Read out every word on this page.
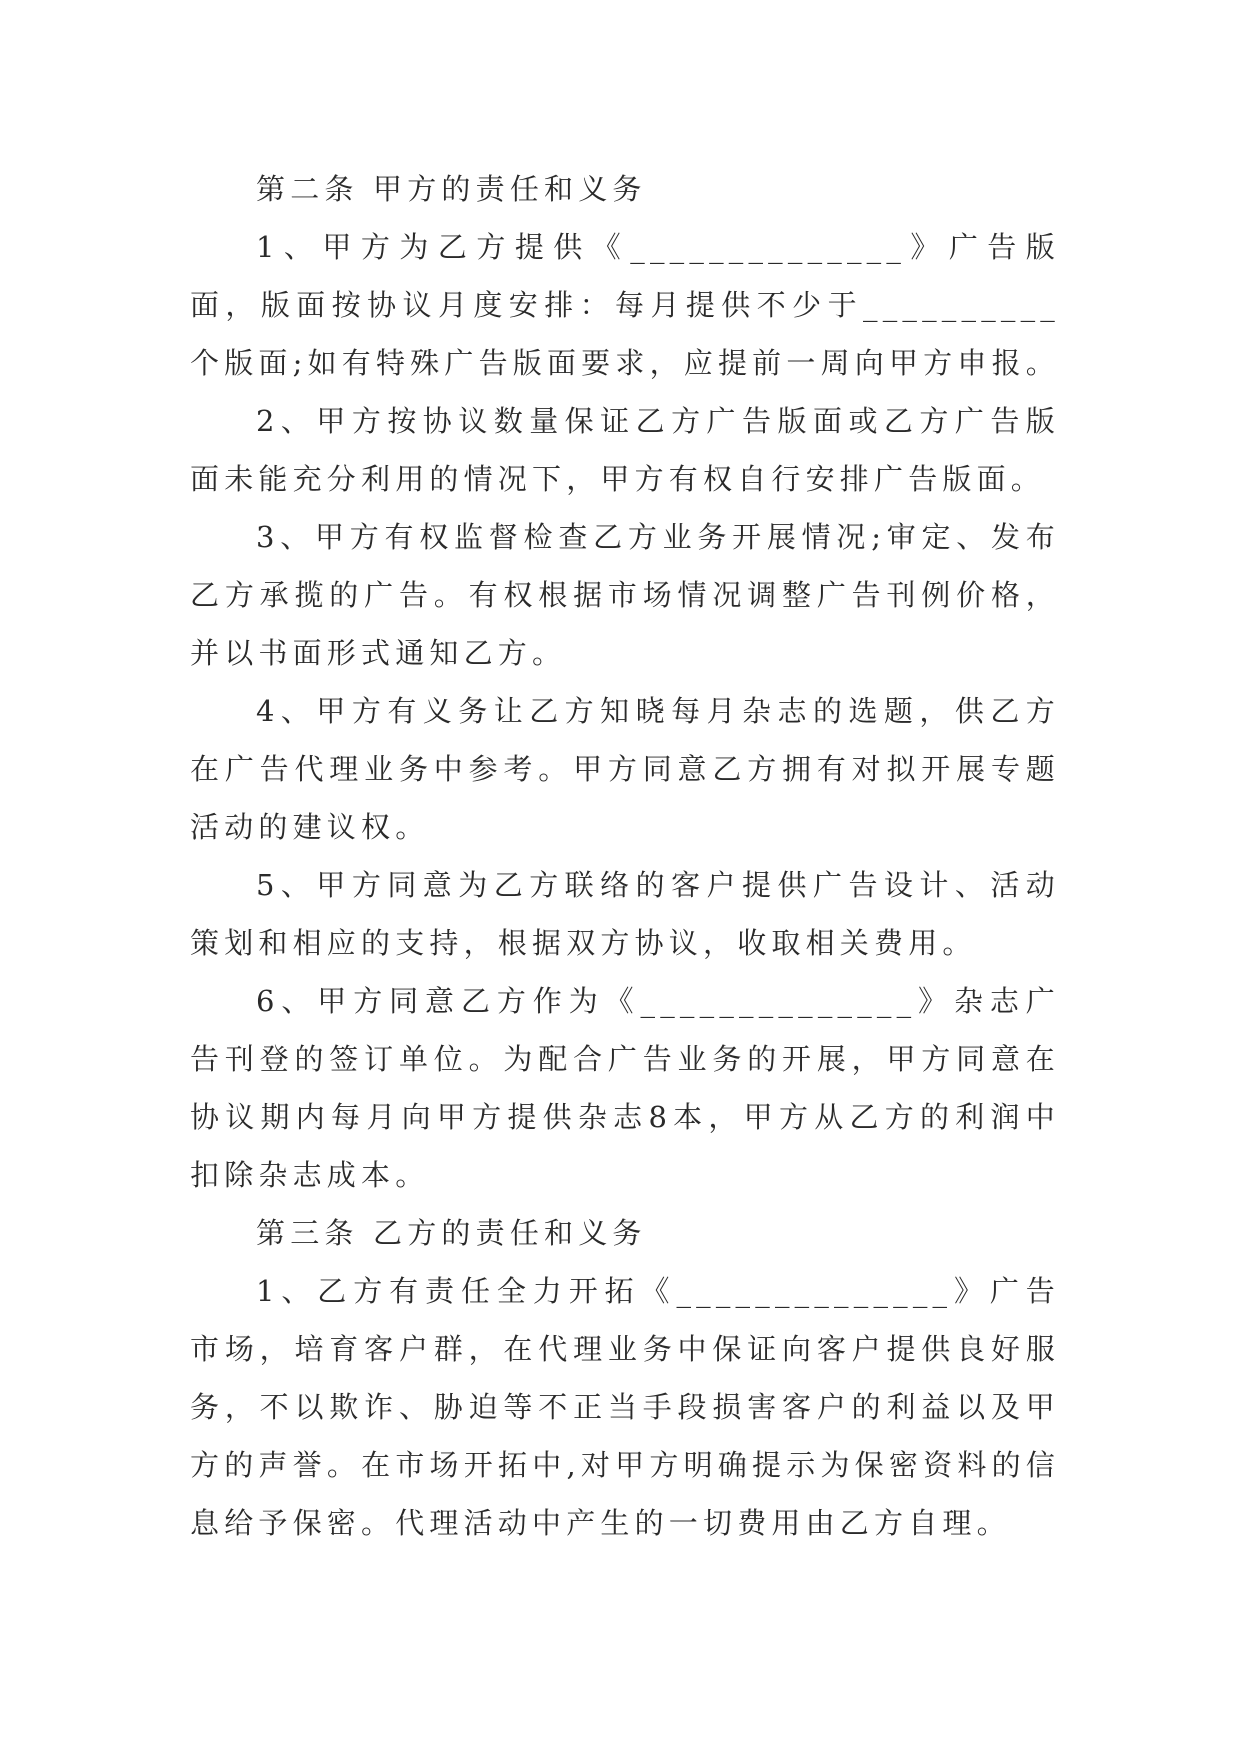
第二条 甲方的责任和义务

1、甲方为乙方提供《______________》广告版面，版面按协议月度安排：每月提供不少于__________个版面;如有特殊广告版面要求，应提前一周向甲方申报。

2、甲方按协议数量保证乙方广告版面或乙方广告版面未能充分利用的情况下，甲方有权自行安排广告版面。

3、甲方有权监督检查乙方业务开展情况;审定、发布乙方承揽的广告。有权根据市场情况调整广告刊例价格，并以书面形式通知乙方。

4、甲方有义务让乙方知晓每月杂志的选题，供乙方在广告代理业务中参考。甲方同意乙方拥有对拟开展专题活动的建议权。

5、甲方同意为乙方联络的客户提供广告设计、活动策划和相应的支持，根据双方协议，收取相关费用。

6、甲方同意乙方作为《______________》杂志广告刊登的签订单位。为配合广告业务的开展，甲方同意在协议期内每月向甲方提供杂志8本，甲方从乙方的利润中扣除杂志成本。

第三条 乙方的责任和义务

1、乙方有责任全力开拓《______________》广告市场，培育客户群，在代理业务中保证向客户提供良好服务，不以欺诈、胁迫等不正当手段损害客户的利益以及甲方的声誉。在市场开拓中,对甲方明确提示为保密资料的信息给予保密。代理活动中产生的一切费用由乙方自理。
